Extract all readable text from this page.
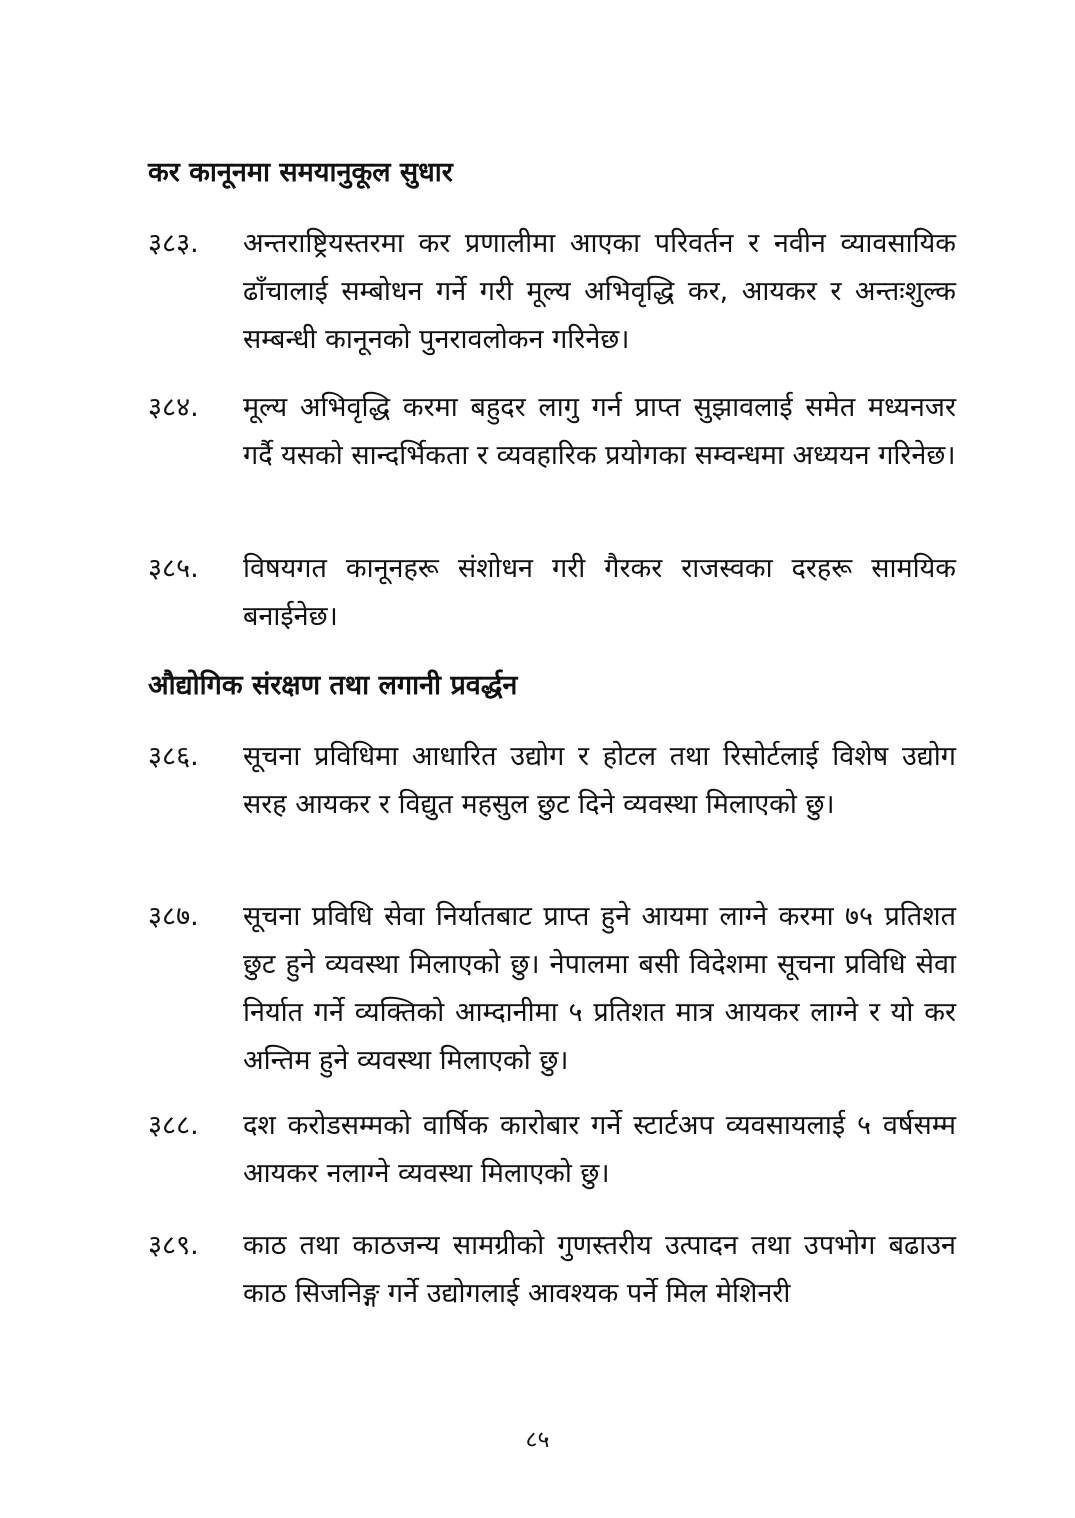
कर कानूनमा समयानुकूल सुधार
३८३. अन्तराष्ट्रियस्तरमा कर प्रणालीमा आएका परिवर्तन र नवीन व्यावसायिक ढाँचालाई सम्बोधन गर्ने गरी मूल्य अभिवृद्धि कर, आयकर र अन्तःशुल्क सम्बन्धी कानूनको पुनरावलोकन गरिनेछ।
३८४. मूल्य अभिवृद्धि करमा बहुदर लागु गर्न प्राप्त सुझावलाई समेत मध्यनजर गर्दै यसको सान्दर्भिकता र व्यवहारिक प्रयोगका सम्वन्धमा अध्ययन गरिनेछ।
३८५. विषयगत कानूनहरू संशोधन गरी गैरकर राजस्वका दरहरू सामयिक बनाईनेछ।
औद्योगिक संरक्षण तथा लगानी प्रवर्द्धन
३८६. सूचना प्रविधिमा आधारित उद्योग र होटल तथा रिसोर्टलाई विशेष उद्योग सरह आयकर र विद्युत महसुल छुट दिने व्यवस्था मिलाएको छु।
३८७. सूचना प्रविधि सेवा निर्यातबाट प्राप्त हुने आयमा लाग्ने करमा ७५ प्रतिशत छुट हुने व्यवस्था मिलाएको छु। नेपालमा बसी विदेशमा सूचना प्रविधि सेवा निर्यात गर्ने व्यक्तिको आम्दानीमा ५ प्रतिशत मात्र आयकर लाग्ने र यो कर अन्तिम हुने व्यवस्था मिलाएको छु।
३८८. दश करोडसम्मको वार्षिक कारोबार गर्ने स्टार्टअप व्यवसायलाई ५ वर्षसम्म आयकर नलाग्ने व्यवस्था मिलाएको छु।
३८९. काठ तथा काठजन्य सामग्रीको गुणस्तरीय उत्पादन तथा उपभोग बढाउन काठ सिजनिङ्ग गर्ने उद्योगलाई आवश्यक पर्ने मिल मेशिनरी
८५
